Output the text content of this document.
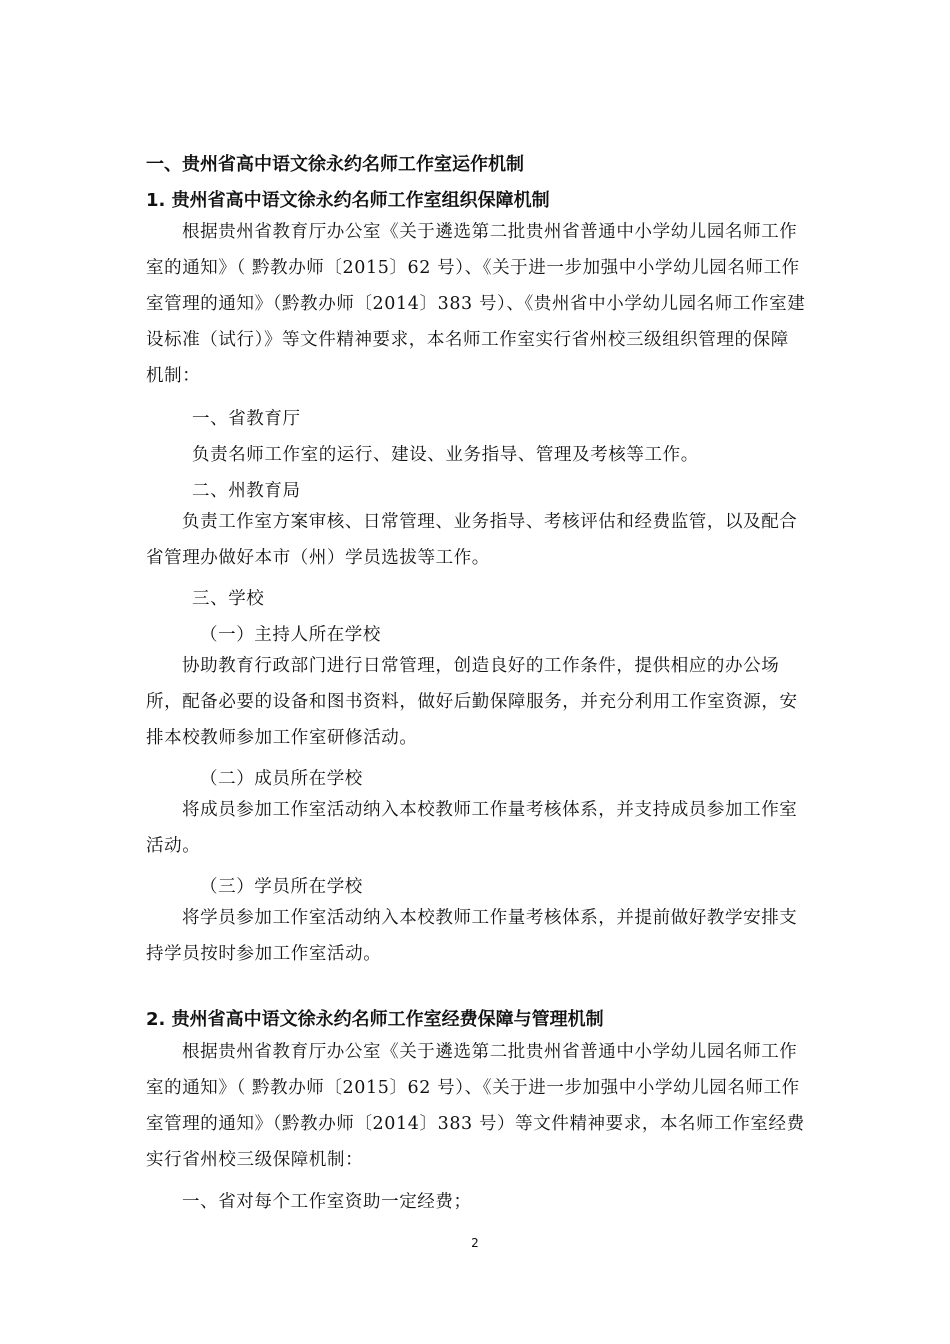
一、贵州省高中语文徐永约名师工作室运作机制
1. 贵州省高中语文徐永约名师工作室组织保障机制
根据贵州省教育厅办公室《关于遴选第二批贵州省普通中小学幼儿园名师工作室的通知》（ 黔教办师〔2015〕62 号）、《关于进一步加强中小学幼儿园名师工作室管理的通知》（黔教办师〔2014〕383 号）、《贵州省中小学幼儿园名师工作室建设标准（试行）》等文件精神要求，本名师工作室实行省州校三级组织管理的保障机制：
一、省教育厅
负责名师工作室的运行、建设、业务指导、管理及考核等工作。
二、州教育局
负责工作室方案审核、日常管理、业务指导、考核评估和经费监管，以及配合省管理办做好本市（州）学员选拔等工作。
三、学校
（一）主持人所在学校
协助教育行政部门进行日常管理，创造良好的工作条件，提供相应的办公场所，配备必要的设备和图书资料，做好后勤保障服务，并充分利用工作室资源，安排本校教师参加工作室研修活动。
（二）成员所在学校
将成员参加工作室活动纳入本校教师工作量考核体系，并支持成员参加工作室活动。
（三）学员所在学校
将学员参加工作室活动纳入本校教师工作量考核体系，并提前做好教学安排支持学员按时参加工作室活动。
2. 贵州省高中语文徐永约名师工作室经费保障与管理机制
根据贵州省教育厅办公室《关于遴选第二批贵州省普通中小学幼儿园名师工作室的通知》（ 黔教办师〔2015〕62 号）、《关于进一步加强中小学幼儿园名师工作室管理的通知》（黔教办师〔2014〕383 号）等文件精神要求，本名师工作室经费实行省州校三级保障机制：
一、省对每个工作室资助一定经费；
2
